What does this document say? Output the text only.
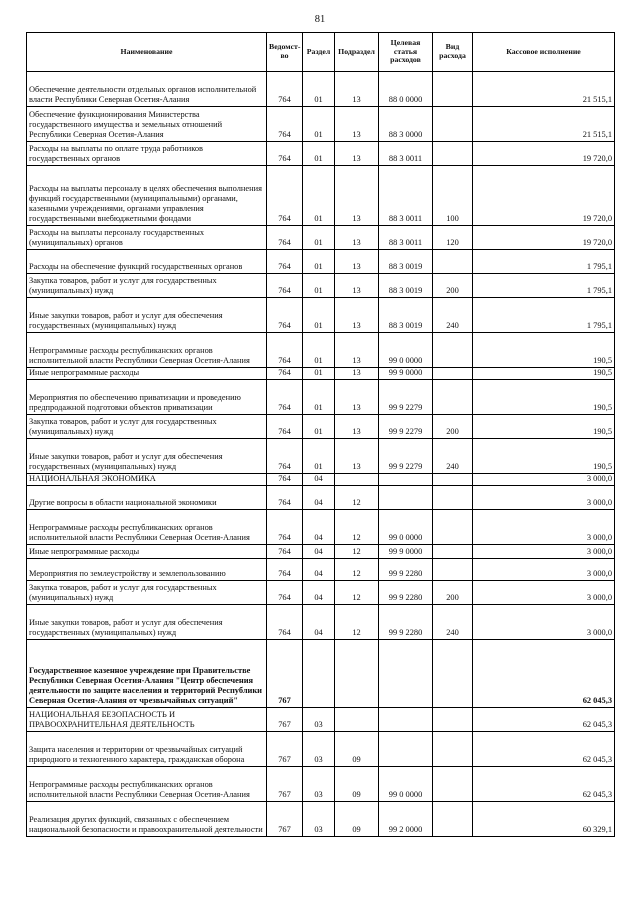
81
Наименование	Ведомст-во	Раздел	Подраздел	Целевая статья расходов	Вид расхода	Кассовое исполнение
Обеспечение деятельности отдельных органов исполнительной власти Республики Северная Осетия-Алания	764	01	13	88 0 0000		21 515,1
Обеспечение функционирования Министерства государственного имущества и земельных отношений Республики Северная Осетия-Алания	764	01	13	88 3 0000		21 515,1
Расходы на выплаты по оплате труда работников государственных органов	764	01	13	88 3 0011		19 720,0
Расходы на выплаты персоналу в целях обеспечения выполнения функций государственными (муниципальными) органами, казенными учреждениями, органами управления государственными внебюджетными фондами	764	01	13	88 3 0011	100	19 720,0
Расходы на выплаты персоналу государственных (муниципальных) органов	764	01	13	88 3 0011	120	19 720,0
Расходы на обеспечение функций государственных органов	764	01	13	88 3 0019		1 795,1
Закупка товаров, работ и услуг для государственных (муниципальных) нужд	764	01	13	88 3 0019	200	1 795,1
Иные закупки товаров, работ и услуг для обеспечения государственных (муниципальных) нужд	764	01	13	88 3 0019	240	1 795,1
Непрограммные расходы республиканских органов исполнительной власти Республики Северная Осетия-Алания	764	01	13	99 0 0000		190,5
Иные непрограммные расходы	764	01	13	99 9 0000		190,5
Мероприятия по обеспечению приватизации и проведению предпродажной подготовки объектов приватизации	764	01	13	99 9 2279		190,5
Закупка товаров, работ и услуг для государственных (муниципальных) нужд	764	01	13	99 9 2279	200	190,5
Иные закупки товаров, работ и услуг для обеспечения государственных (муниципальных) нужд	764	01	13	99 9 2279	240	190,5
НАЦИОНАЛЬНАЯ ЭКОНОМИКА	764	04				3 000,0
Другие вопросы в области национальной экономики	764	04	12			3 000,0
Непрограммные расходы республиканских органов исполнительной власти Республики Северная Осетия-Алания	764	04	12	99 0 0000		3 000,0
Иные непрограммные расходы	764	04	12	99 9 0000		3 000,0
Мероприятия по землеустройству и землепользованию	764	04	12	99 9 2280		3 000,0
Закупка товаров, работ и услуг для государственных (муниципальных) нужд	764	04	12	99 9 2280	200	3 000,0
Иные закупки товаров, работ и услуг для обеспечения государственных (муниципальных) нужд	764	04	12	99 9 2280	240	3 000,0
Государственное казенное учреждение при Правительстве Республики Северная Осетия-Алания "Центр обеспечения деятельности по защите населения и территорий Республики Северная Осетия-Алания от чрезвычайных ситуаций"	767					62 045,3
НАЦИОНАЛЬНАЯ БЕЗОПАСНОСТЬ И ПРАВООХРАНИТЕЛЬНАЯ ДЕЯТЕЛЬНОСТЬ	767	03				62 045,3
Защита населения и территории от чрезвычайных ситуаций природного и техногенного характера, гражданская оборона	767	03	09			62 045,3
Непрограммные расходы республиканских органов исполнительной власти Республики Северная Осетия-Алания	767	03	09	99 0 0000		62 045,3
Реализация других функций, связанных с обеспечением национальной безопасности и правоохранительной деятельности	767	03	09	99 2 0000		60 329,1
